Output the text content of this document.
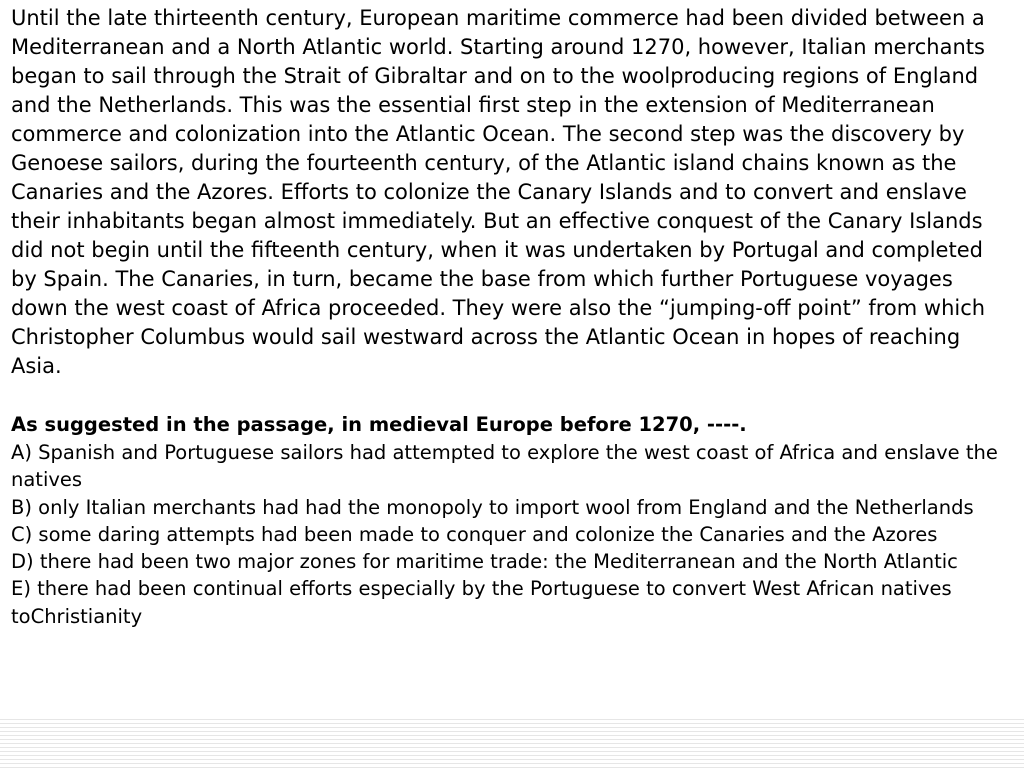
Until the late thirteenth century, European maritime commerce had been divided between a Mediterranean and a North Atlantic world. Starting around 1270, however, Italian merchants began to sail through the Strait of Gibraltar and on to the woolproducing regions of England and the Netherlands. This was the essential first step in the extension of Mediterranean commerce and colonization into the Atlantic Ocean. The second step was the discovery by Genoese sailors, during the fourteenth century, of the Atlantic island chains known as the Canaries and the Azores. Efforts to colonize the Canary Islands and to convert and enslave their inhabitants began almost immediately. But an effective conquest of the Canary Islands did not begin until the fifteenth century, when it was undertaken by Portugal and completed by Spain. The Canaries, in turn, became the base from which further Portuguese voyages down the west coast of Africa proceeded. They were also the “jumping-off point” from which Christopher Columbus would sail westward across the Atlantic Ocean in hopes of reaching Asia.

As suggested in the passage, in medieval Europe before 1270, ----.

A) Spanish and Portuguese sailors had attempted to explore the west coast of Africa and enslave the natives

B) only Italian merchants had had the monopoly to import wool from England and the Netherlands

C) some daring attempts had been made to conquer and colonize the Canaries and the Azores

D) there had been two major zones for maritime trade: the Mediterranean and the North Atlantic

E) there had been continual efforts especially by the Portuguese to convert West African natives toChristianity
